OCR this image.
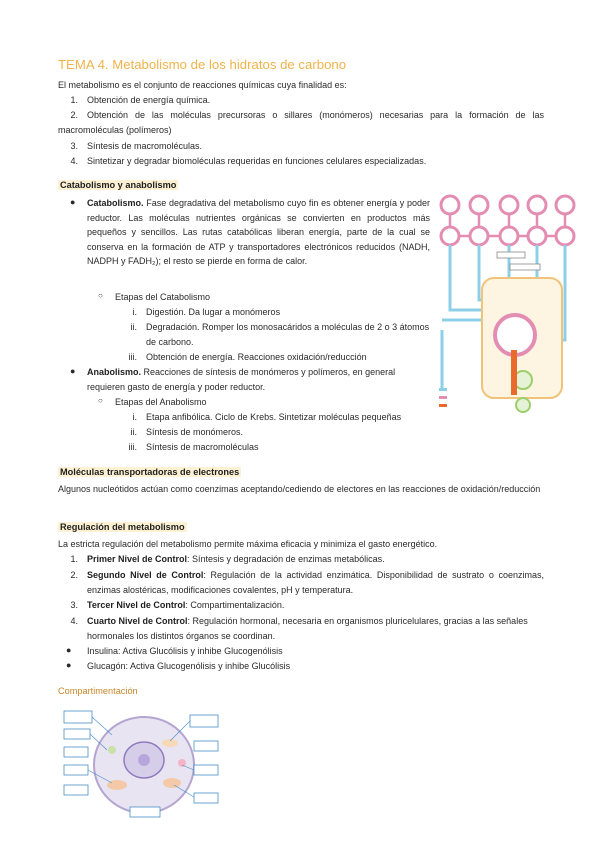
TEMA 4. Metabolismo de los hidratos de carbono
El metabolismo es el conjunto de reacciones químicas cuya finalidad es:
1. Obtención de energía química.
2. Obtención de las moléculas precursoras o sillares (monómeros) necesarias para la formación de las macromoléculas (polímeros)
3. Síntesis de macromoléculas.
4. Sintetizar y degradar biomoléculas requeridas en funciones celulares especializadas.
Catabolismo y anabolismo
● Catabolismo. Fase degradativa del metabolismo cuyo fin es obtener energía y poder reductor. Las moléculas nutrientes orgánicas se convierten en productos más pequeños y sencillos. Las rutas catabólicas liberan energía, parte de la cual se conserva en la formación de ATP y transportadores electrónicos reducidos (NADH, NADPH y FADH₂); el resto se pierde en forma de calor.
○ Etapas del Catabolismo
i. Digestión. Da lugar a monómeros
ii.	Degradación. Romper los monosacáridos a moléculas de 2 o 3 átomos de carbono.
iii. Obtención de energía. Reacciones oxidación/reducción
● Anabolismo. Reacciones de síntesis de monómeros y polímeros, en general requieren gasto de energía y poder reductor.
○ Etapas del Anabolismo
i. Etapa anfibólica. Ciclo de Krebs. Sintetizar moléculas pequeñas
ii. Síntesis de monómeros.
iii. Síntesis de macromoléculas
Moléculas transportadoras de electrones
Algunos nucleótidos actúan como coenzimas aceptando/cediendo de electores en las reacciones de oxidación/reducción
Regulación del metabolismo
La estricta regulación del metabolismo permite máxima eficacia y minimiza el gasto energético.
1. Primer Nivel de Control: Síntesis y degradación de enzimas metabólicas.
2.	Segundo Nivel de Control: Regulación de la actividad enzimática. Disponibilidad de sustrato o coenzimas, enzimas alostéricas, modificaciones covalentes, pH y temperatura.
3. Tercer Nivel de Control: Compartimentalización.
4.	Cuarto Nivel de Control: Regulación hormonal, necesaria en organismos pluricelulares, gracias a las señales hormonales los distintos órganos se coordinan.
● Insulina: Activa Glucólisis y inhibe Glucogenólisis
● Glucagón: Activa Glucogenólisis y inhibe Glucólisis
Compartimentación
